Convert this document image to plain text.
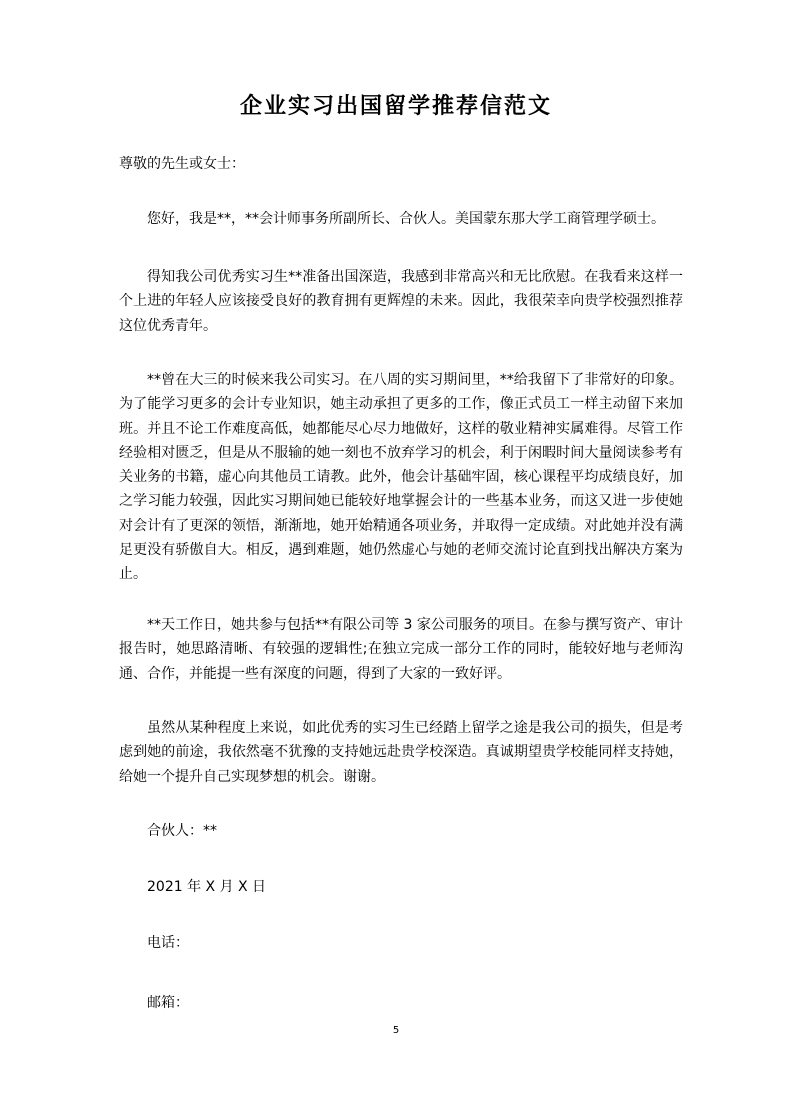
企业实习出国留学推荐信范文
尊敬的先生或女士：

您好，我是**，**会计师事务所副所长、合伙人。美国蒙东那大学工商管理学硕士。

得知我公司优秀实习生**准备出国深造，我感到非常高兴和无比欣慰。在我看来这样一个上进的年轻人应该接受良好的教育拥有更辉煌的未来。因此，我很荣幸向贵学校强烈推荐这位优秀青年。

**曾在大三的时候来我公司实习。在八周的实习期间里，**给我留下了非常好的印象。为了能学习更多的会计专业知识，她主动承担了更多的工作，像正式员工一样主动留下来加班。并且不论工作难度高低，她都能尽心尽力地做好，这样的敬业精神实属难得。尽管工作经验相对匮乏，但是从不服输的她一刻也不放弃学习的机会，利于闲暇时间大量阅读参考有关业务的书籍，虚心向其他员工请教。此外，他会计基础牢固，核心课程平均成绩良好，加之学习能力较强，因此实习期间她已能较好地掌握会计的一些基本业务，而这又进一步使她对会计有了更深的领悟，渐渐地，她开始精通各项业务，并取得一定成绩。对此她并没有满足更没有骄傲自大。相反，遇到难题，她仍然虚心与她的老师交流讨论直到找出解决方案为止。

**天工作日，她共参与包括**有限公司等 3 家公司服务的项目。在参与撰写资产、审计报告时，她思路清晰、有较强的逻辑性;在独立完成一部分工作的同时，能较好地与老师沟通、合作，并能提一些有深度的问题，得到了大家的一致好评。

虽然从某种程度上来说，如此优秀的实习生已经踏上留学之途是我公司的损失，但是考虑到她的前途，我依然毫不犹豫的支持她远赴贵学校深造。真诚期望贵学校能同样支持她，给她一个提升自己实现梦想的机会。谢谢。

合伙人：**
2021 年 X 月 X 日
电话：
邮箱：
5
